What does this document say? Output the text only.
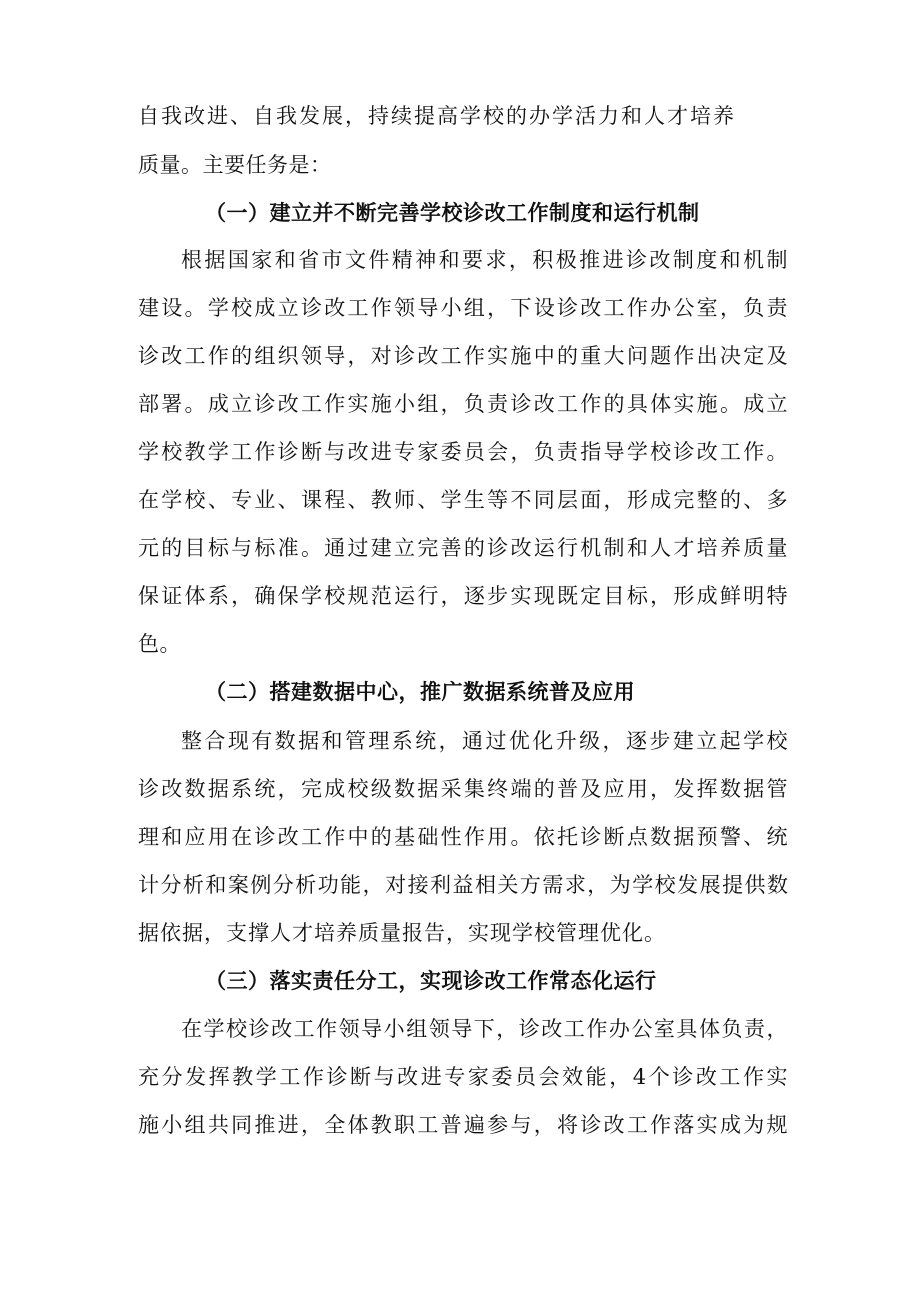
自我改进、自我发展，持续提高学校的办学活力和人才培养
质量。主要任务是：
（一）建立并不断完善学校诊改工作制度和运行机制
根据国家和省市文件精神和要求，积极推进诊改制度和机制
建设。学校成立诊改工作领导小组，下设诊改工作办公室，负责
诊改工作的组织领导，对诊改工作实施中的重大问题作出决定及
部署。成立诊改工作实施小组，负责诊改工作的具体实施。成立
学校教学工作诊断与改进专家委员会，负责指导学校诊改工作。
在学校、专业、课程、教师、学生等不同层面，形成完整的、多
元的目标与标准。通过建立完善的诊改运行机制和人才培养质量
保证体系，确保学校规范运行，逐步实现既定目标，形成鲜明特
色。
（二）搭建数据中心，推广数据系统普及应用
整合现有数据和管理系统，通过优化升级，逐步建立起学校
诊改数据系统，完成校级数据采集终端的普及应用，发挥数据管
理和应用在诊改工作中的基础性作用。依托诊断点数据预警、统
计分析和案例分析功能，对接利益相关方需求，为学校发展提供数
据依据，支撑人才培养质量报告，实现学校管理优化。
（三）落实责任分工，实现诊改工作常态化运行
在学校诊改工作领导小组领导下，诊改工作办公室具体负责，
充分发挥教学工作诊断与改进专家委员会效能，4个诊改工作实
施小组共同推进，全体教职工普遍参与，将诊改工作落实成为规
